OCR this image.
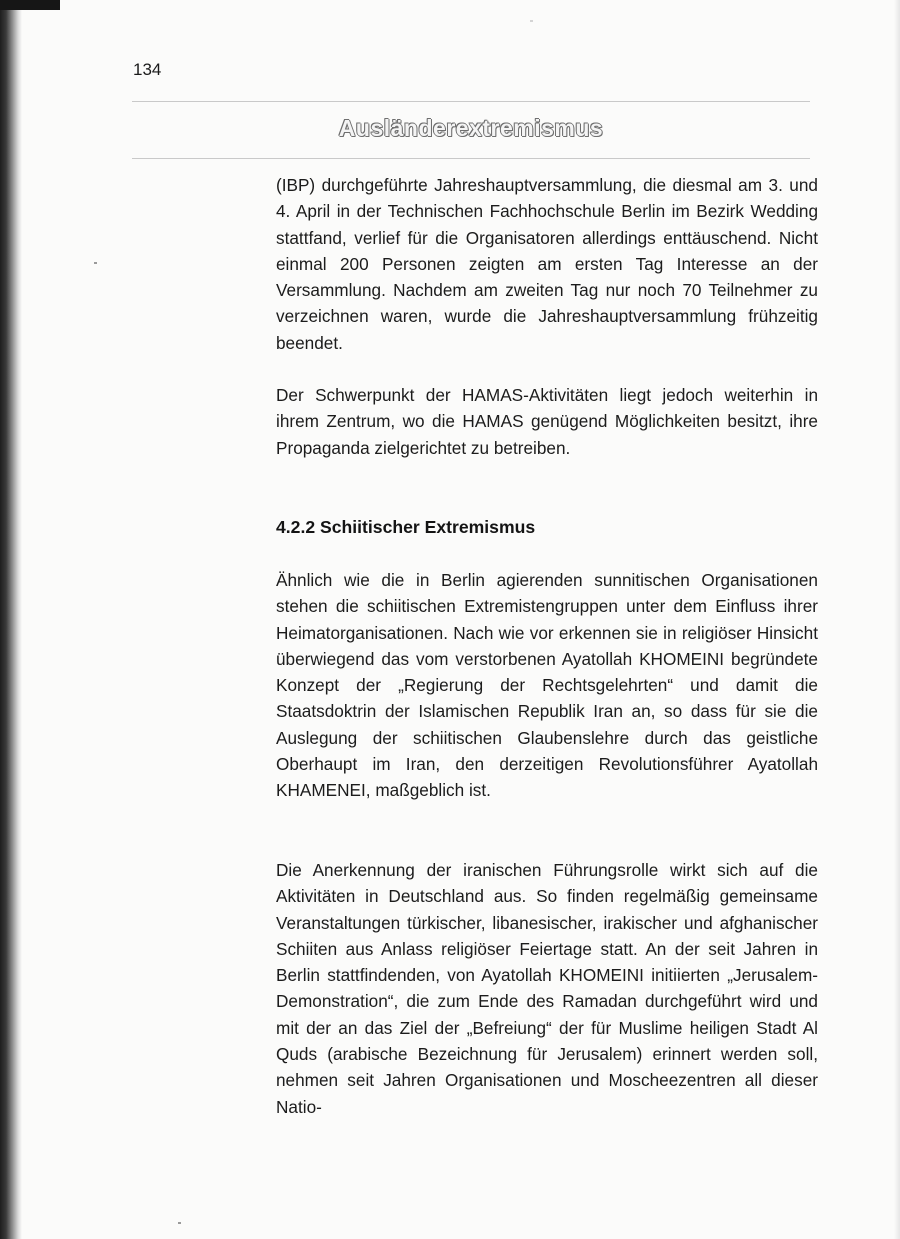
134
Ausländerextremismus

(IBP) durchgeführte Jahreshauptversammlung, die diesmal am 3. und 4. April in der Technischen Fachhochschule Berlin im Bezirk Wedding stattfand, verlief für die Organisatoren allerdings enttäuschend. Nicht einmal 200 Personen zeigten am ersten Tag Interesse an der Versammlung. Nachdem am zweiten Tag nur noch 70 Teilnehmer zu verzeichnen waren, wurde die Jahreshauptversammlung frühzeitig beendet.

Der Schwerpunkt der HAMAS-Aktivitäten liegt jedoch weiterhin in ihrem Zentrum, wo die HAMAS genügend Möglichkeiten besitzt, ihre Propaganda zielgerichtet zu betreiben.

4.2.2 Schiitischer Extremismus

Ähnlich wie die in Berlin agierenden sunnitischen Organisationen stehen die schiitischen Extremistengruppen unter dem Einfluss ihrer Heimatorganisationen. Nach wie vor erkennen sie in religiöser Hinsicht überwiegend das vom verstorbenen Ayatollah KHOMEINI begründete Konzept der „Regierung der Rechtsgelehrten“ und damit die Staatsdoktrin der Islamischen Republik Iran an, so dass für sie die Auslegung der schiitischen Glaubenslehre durch das geistliche Oberhaupt im Iran, den derzeitigen Revolutionsführer Ayatollah KHAMENEI, maßgeblich ist.

Die Anerkennung der iranischen Führungsrolle wirkt sich auf die Aktivitäten in Deutschland aus. So finden regelmäßig gemeinsame Veranstaltungen türkischer, libanesischer, irakischer und afghanischer Schiiten aus Anlass religiöser Feiertage statt. An der seit Jahren in Berlin stattfindenden, von Ayatollah KHOMEINI initiierten „Jerusalem-Demonstration“, die zum Ende des Ramadan durchgeführt wird und mit der an das Ziel der „Befreiung“ der für Muslime heiligen Stadt Al Quds (arabische Bezeichnung für Jerusalem) erinnert werden soll, nehmen seit Jahren Organisationen und Moscheezentren all dieser Natio-
